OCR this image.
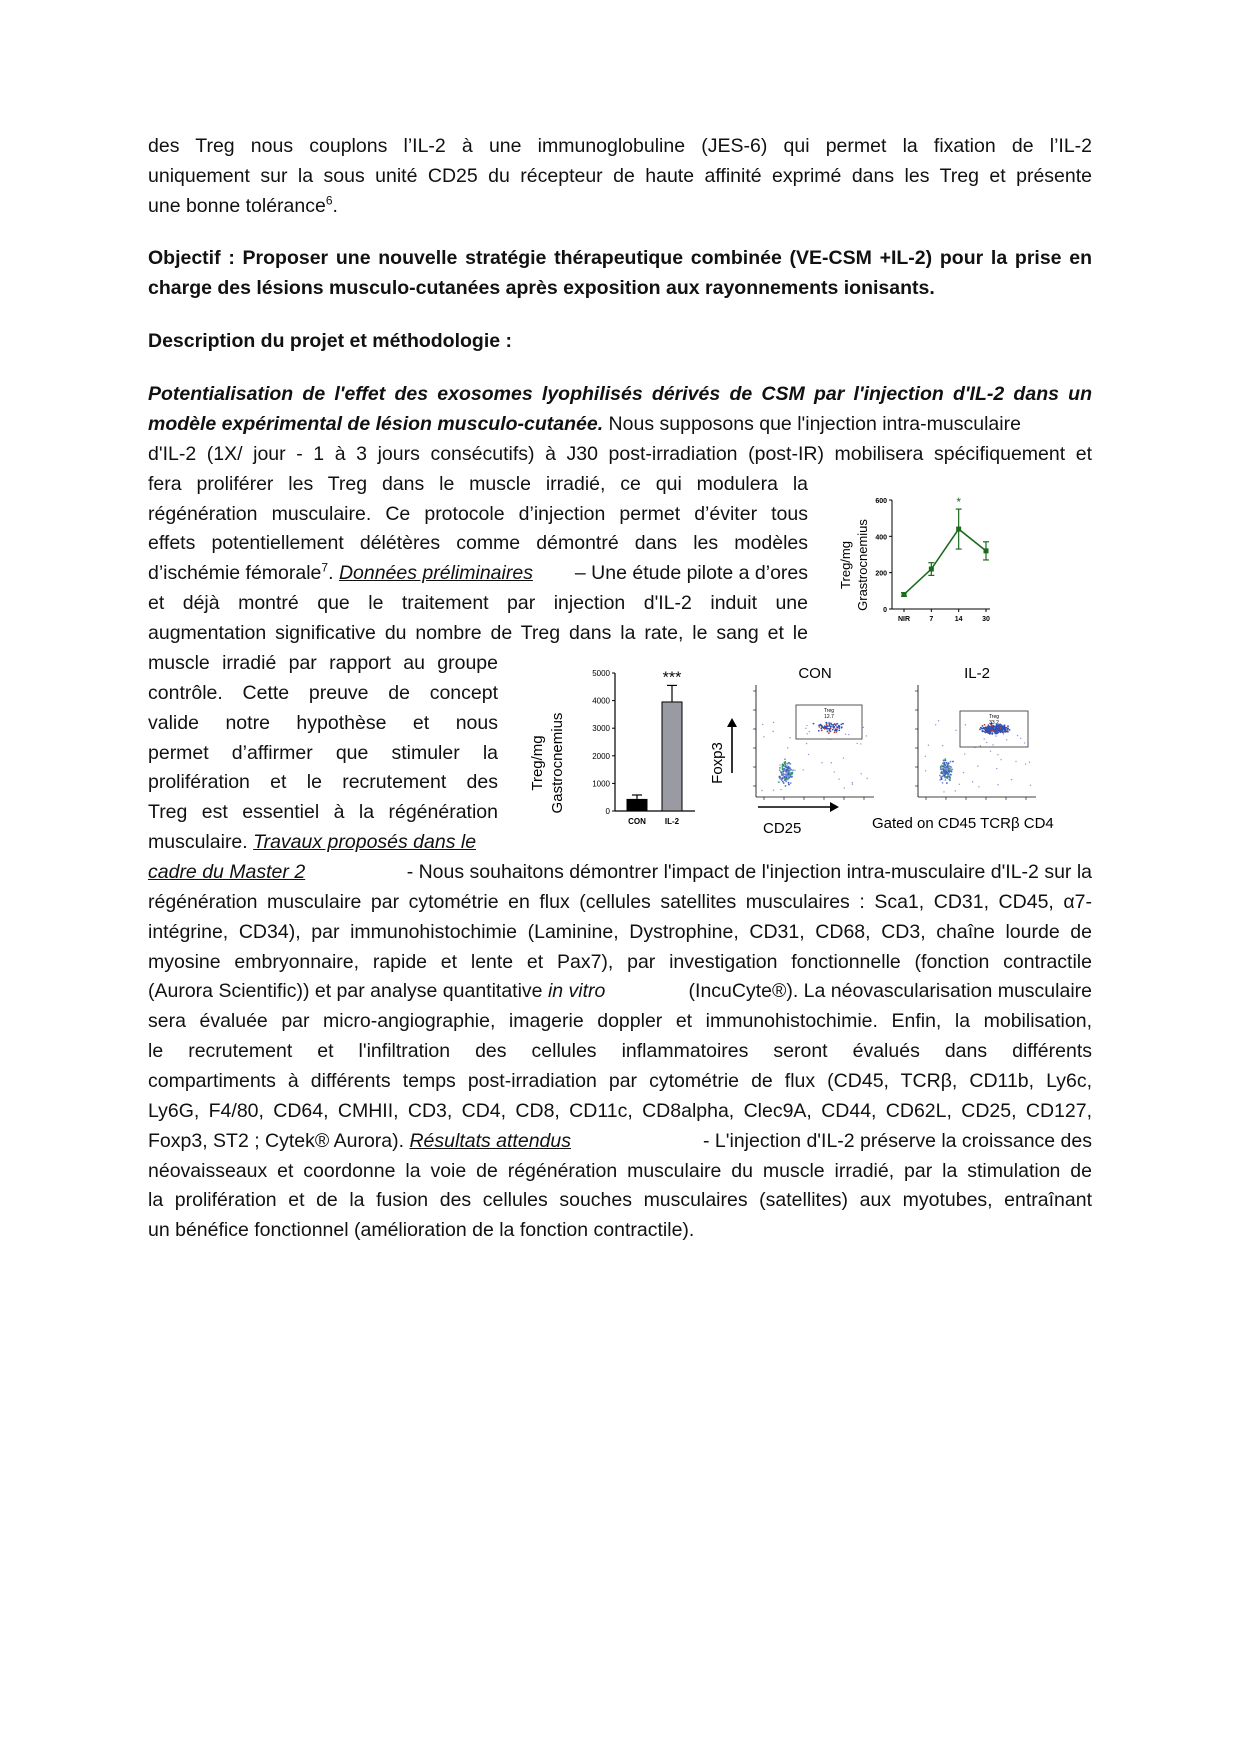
des Treg nous couplons l’IL-2 à une immunoglobuline (JES-6) qui permet la fixation de l’IL-2
uniquement sur la sous unité CD25 du récepteur de haute affinité exprimé dans les Treg et présente
une bonne tolérance$^6$.
Objectif : Proposer une nouvelle stratégie thérapeutique combinée (VE-CSM +IL-2) pour la prise en
charge des lésions musculo-cutanées après exposition aux rayonnements ionisants.
Description du projet et méthodologie :
Potentialisation de l'effet des exosomes lyophilisés dérivés de CSM par l'injection d'IL-2 dans un
modèle expérimental de lésion musculo-cutanée. Nous supposons que l'injection intra-musculaire
d'IL-2 (1X/ jour - 1 à 3 jours consécutifs) à J30 post-irradiation (post-IR) mobilisera spécifiquement et
fera proliférer les Treg dans le muscle irradié, ce qui modulera la
régénération musculaire. Ce protocole d’injection permet d’éviter tous
effets potentiellement délétères comme démontré dans les modèles
d’ischémie fémorale$^7$. Données préliminaires – Une étude pilote a d’ores
et déjà montré que le traitement par injection d'IL-2 induit une
augmentation significative du nombre de Treg dans la rate, le sang et le
muscle irradié par rapport au groupe
contrôle. Cette preuve de concept
valide notre hypothèse et nous
permet d’affirmer que stimuler la
prolifération et le recrutement des
Treg est essentiel à la régénération
musculaire. Travaux proposés dans le
cadre du Master 2	- Nous souhaitons démontrer l'impact de l'injection intra-musculaire d'IL-2 sur la
régénération musculaire par cytométrie en flux (cellules satellites musculaires : Sca1, CD31, CD45, α7-
intégrine, CD34), par immunohistochimie (Laminine, Dystrophine, CD31, CD68, CD3, chaîne lourde de
myosine embryonnaire, rapide et lente et Pax7), par investigation fonctionnelle (fonction contractile
(Aurora Scientific)) et par analyse quantitative in vitro	(IncuCyte®). La néovascularisation musculaire
sera évaluée par micro-angiographie, imagerie doppler et immunohistochimie. Enfin, la mobilisation,
le recrutement et l'infiltration des cellules inflammatoires seront évalués dans différents
compartiments à différents temps post-irradiation par cytométrie de flux (CD45, TCRβ, CD11b, Ly6c,
Ly6G, F4/80, CD64, CMHII, CD3, CD4, CD8, CD11c, CD8alpha, Clec9A, CD44, CD62L, CD25, CD127,
Foxp3, ST2 ; Cytek® Aurora). Résultats attendus	- L'injection d'IL-2 préserve la croissance des
néovaisseaux et coordonne la voie de régénération musculaire du muscle irradié, par la stimulation de
la prolifération et de la fusion des cellules souches musculaires (satellites) aux myotubes, entraînant
un bénéfice fonctionnel (amélioration de la fonction contractile).
Treg/mg Grastrocnemius 0
200
400
600
NIR	7	14
*
30
Treg/mg Gastrocnemius	0
1000
2000
3000
4000
5000
CON IL-2
***
Foxp3
CD25	Gated on CD45 TCRβ CD4
CON
Treg
12.7
IL-2
Treg
33.2
